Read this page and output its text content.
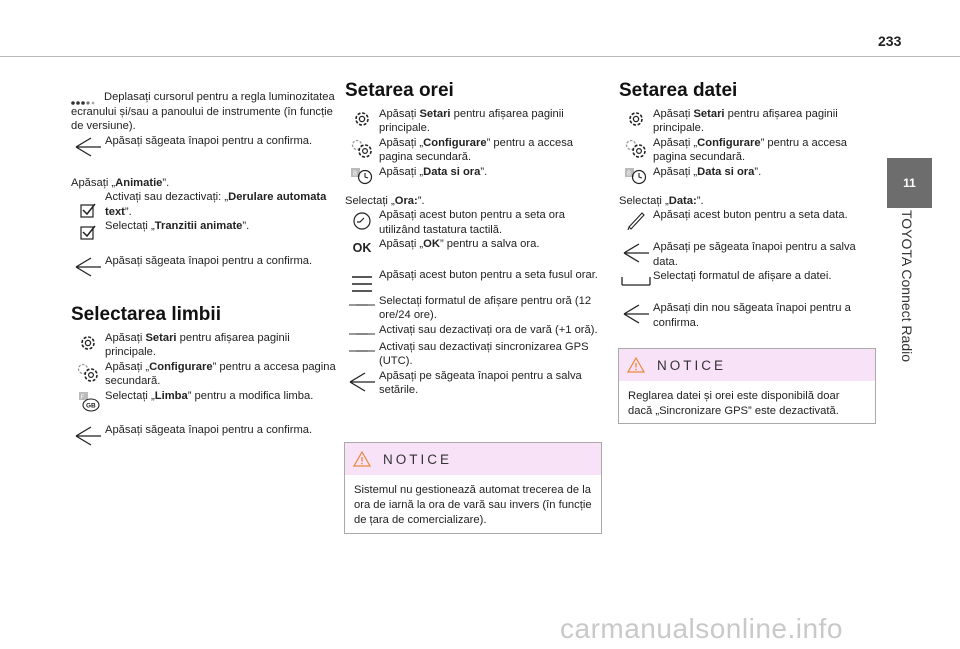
233
11
TOYOTA Connect Radio
Deplasați cursorul pentru a regla luminozitatea ecranului și/sau a panoului de instrumente (în funcție de versiune).
Apăsați săgeata înapoi pentru a confirma.
Apăsați „Animatie”.
Activați sau dezactivați: „Derulare automata text”.
Selectați „Tranzitii animate”.
Apăsați săgeata înapoi pentru a confirma.
Selectarea limbii
Apăsați Setari pentru afișarea paginii principale.
Apăsați „Configurare” pentru a accesa pagina secundară.
F
GB
Selectați „Limba” pentru a modifica limba.
Apăsați săgeata înapoi pentru a confirma.
Setarea orei
Apăsați Setari pentru afișarea paginii principale.
Apăsați „Configurare” pentru a accesa pagina secundară.
8 Apăsați „Data si ora”.
Selectați „Ora:”.
Apăsați acest buton pentru a seta ora utilizând tastatura tactilă.
OK Apăsați „OK” pentru a salva ora.
Apăsați acest buton pentru a seta fusul orar.
Selectați formatul de afișare pentru oră (12 ore/24 ore).
Activați sau dezactivați ora de vară (+1 oră).
Activați sau dezactivați sincronizarea GPS (UTC).
Apăsați pe săgeata înapoi pentru a salva setările.
NOTICE
Sistemul nu gestionează automat trecerea de la ora de iarnă la ora de vară sau invers (în funcție de țara de comercializare).
Setarea datei
Apăsați Setari pentru afișarea paginii principale.
Apăsați „Configurare” pentru a accesa pagina secundară.
8 Apăsați „Data si ora”.
Selectați „Data:”.
Apăsați acest buton pentru a seta data.
Apăsați pe săgeata înapoi pentru a salva data.
Selectați formatul de afișare a datei.
Apăsați din nou săgeata înapoi pentru a confirma.
NOTICE
Reglarea datei și orei este disponibilă doar dacă „Sincronizare GPS” este dezactivată.
carmanualsonline.info
